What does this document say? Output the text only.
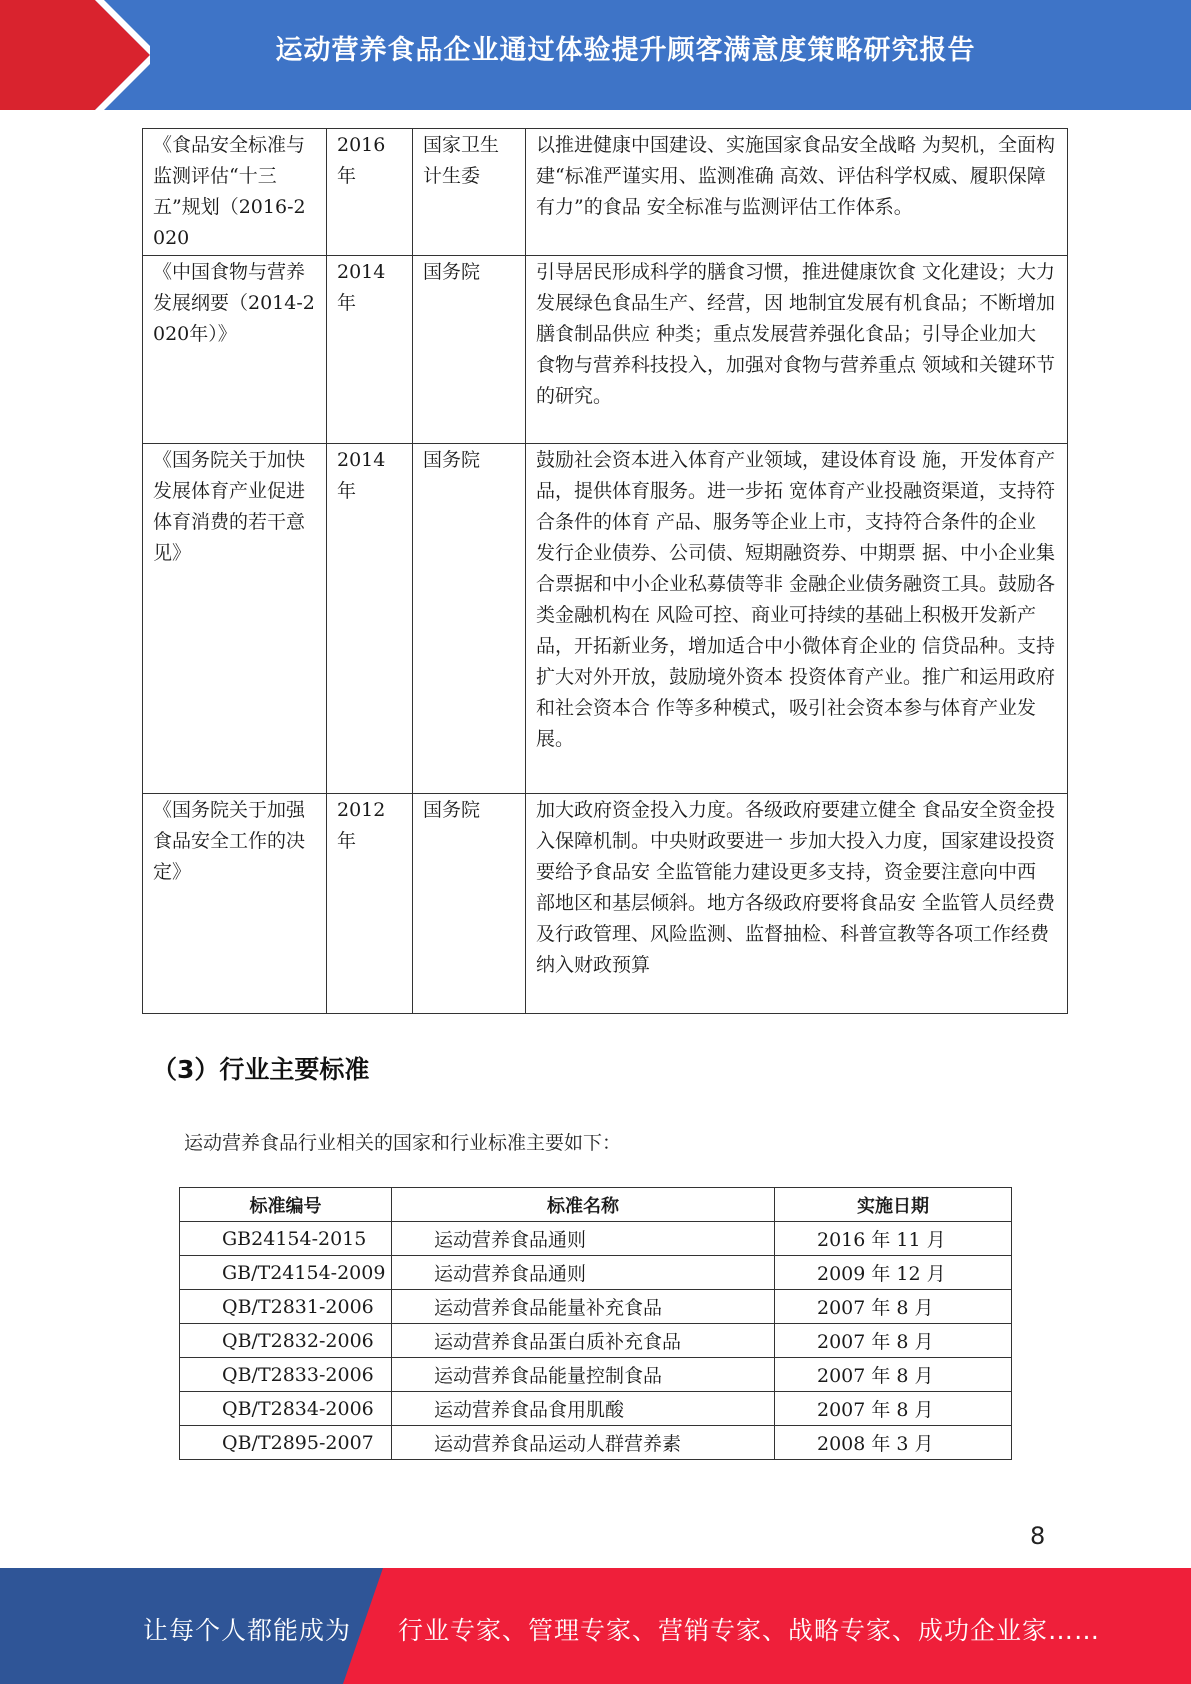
运动营养食品企业通过体验提升顾客满意度策略研究报告
《食品安全标准与监测评估“十三五”规划（2016-2020	2016年	国家卫生 计生委	以推进健康中国建设、实施国家食品安全战略 为契机，全面构建“标准严谨实用、监测准确 高效、评估科学权威、履职保障有力”的食品 安全标准与监测评估工作体系。
《中国食物与营养发展纲要（2014-2020年）》	2014年	国务院	引导居民形成科学的膳食习惯，推进健康饮食 文化建设；大力发展绿色食品生产、经营，因 地制宜发展有机食品；不断增加膳食制品供应 种类；重点发展营养强化食品；引导企业加大 食物与营养科技投入，加强对食物与营养重点 领域和关键环节的研究。
《国务院关于加快发展体育产业促进体育消费的若干意见》	2014年	国务院	鼓励社会资本进入体育产业领域，建设体育设 施，开发体育产品，提供体育服务。进一步拓 宽体育产业投融资渠道，支持符合条件的体育 产品、服务等企业上市，支持符合条件的企业 发行企业债券、公司债、短期融资券、中期票 据、中小企业集合票据和中小企业私募债等非 金融企业债务融资工具。鼓励各类金融机构在 风险可控、商业可持续的基础上积极开发新产 品，开拓新业务，增加适合中小微体育企业的 信贷品种。支持扩大对外开放，鼓励境外资本 投资体育产业。推广和运用政府和社会资本合 作等多种模式，吸引社会资本参与体育产业发 展。
《国务院关于加强食品安全工作的决定》	2012年	国务院	加大政府资金投入力度。各级政府要建立健全 食品安全资金投入保障机制。中央财政要进一 步加大投入力度，国家建设投资要给予食品安 全监管能力建设更多支持，资金要注意向中西 部地区和基层倾斜。地方各级政府要将食品安 全监管人员经费及行政管理、风险监测、监督抽检、科普宣教等各项工作经费纳入财政预算
（3）行业主要标准
运动营养食品行业相关的国家和行业标准主要如下：
标准编号	标准名称	实施日期
GB24154-2015	运动营养食品通则	2016 年 11 月
GB/T24154-2009	运动营养食品通则	2009 年 12 月
QB/T2831-2006	运动营养食品能量补充食品	2007 年 8 月
QB/T2832-2006	运动营养食品蛋白质补充食品	2007 年 8 月
QB/T2833-2006	运动营养食品能量控制食品	2007 年 8 月
QB/T2834-2006	运动营养食品食用肌酸	2007 年 8 月
QB/T2895-2007	运动营养食品运动人群营养素	2008 年 3 月
8
让每个人都能成为 行业专家、管理专家、营销专家、战略专家、成功企业家……
